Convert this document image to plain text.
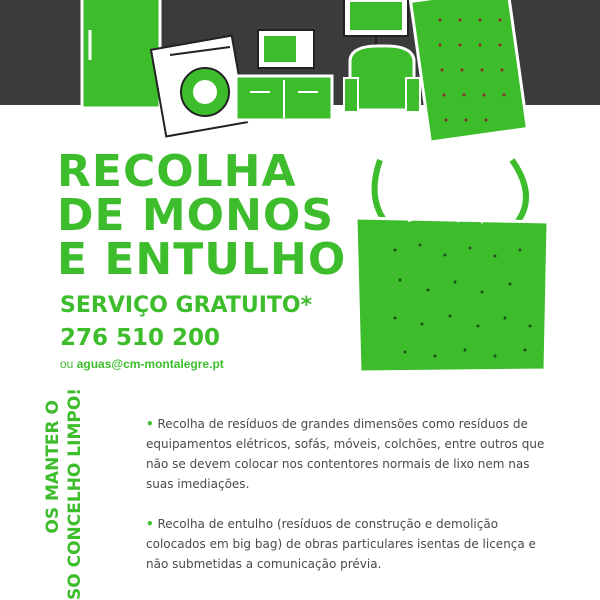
RECOLHA
DE MONOS
E ENTULHO
SERVIÇO GRATUITO*
276 510 200
ou aguas@cm-montalegre.pt
OS MANTER O SO CONCELHO LIMPO!	• Recolha de resíduos de grandes dimensões como resíduos de equipamentos elétricos, sofás, móveis, colchões, entre outros que não se devem colocar nos contentores normais de lixo nem nas suas imediações.

• Recolha de entulho (resíduos de construção e demolição colocados em big bag) de obras particulares isentas de licença e não submetidas a comunicação prévia.
